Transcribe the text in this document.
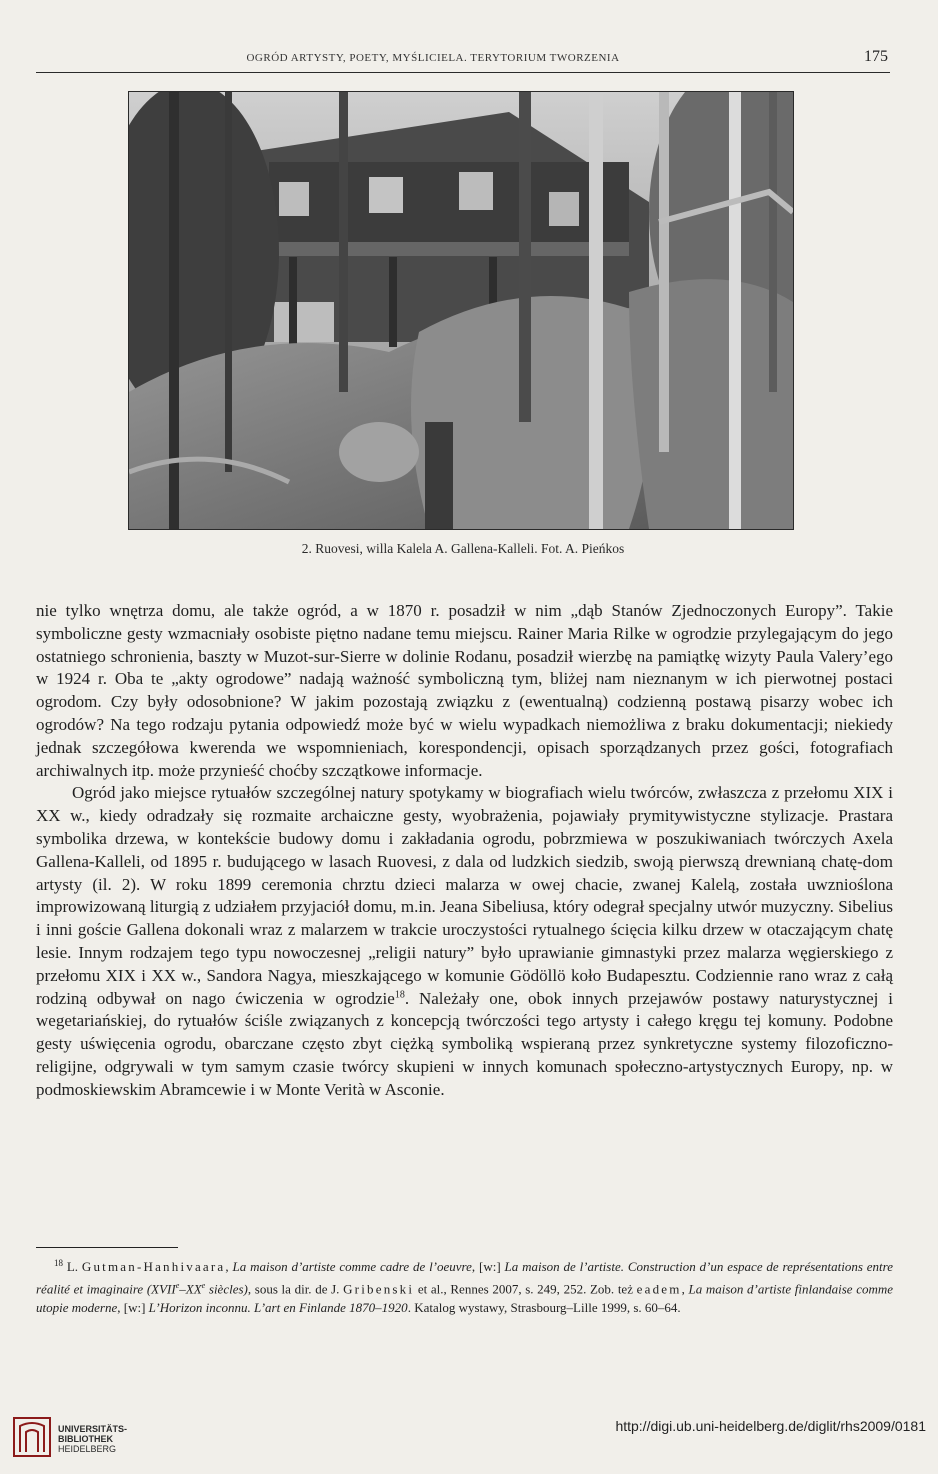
OGRÓD ARTYSTY, POETY, MYŚLICIELA. TERYTORIUM TWORZENIA	175
2. Ruovesi, willa Kalela A. Gallena-Kalleli. Fot. A. Pieńkos

nie tylko wnętrza domu, ale także ogród, a w 1870 r. posadził w nim „dąb Stanów Zjednoczonych Europy”. Takie symboliczne gesty wzmacniały osobiste piętno nadane temu miejscu. Rainer Maria Rilke w ogrodzie przylegającym do jego ostatniego schronienia, baszty w Muzot-sur-Sierre w dolinie Rodanu, posadził wierzbę na pamiątkę wizyty Paula Valery’ego w 1924 r. Oba te „akty ogrodowe” nadają ważność symboliczną tym, bliżej nam nieznanym w ich pierwotnej postaci ogrodom. Czy były odosobnione? W jakim pozostają związku z (ewentualną) codzienną postawą pisarzy wobec ich ogrodów? Na tego rodzaju pytania odpowiedź może być w wielu wypadkach niemożliwa z braku dokumentacji; niekiedy jednak szczegółowa kwerenda we wspomnieniach, korespondencji, opisach sporządzanych przez gości, fotografiach archiwalnych itp. może przynieść choćby szczątkowe informacje.

Ogród jako miejsce rytuałów szczególnej natury spotykamy w biografiach wielu twórców, zwłaszcza z przełomu XIX i XX w., kiedy odradzały się rozmaite archaiczne gesty, wyobrażenia, pojawiały prymitywistyczne stylizacje. Prastara symbolika drzewa, w kontekście budowy domu i zakładania ogrodu, pobrzmiewa w poszukiwaniach twórczych Axela Gallena-Kalleli, od 1895 r. budującego w lasach Ruovesi, z dala od ludzkich siedzib, swoją pierwszą drewnianą chatę-dom artysty (il. 2). W roku 1899 ceremonia chrztu dzieci malarza w owej chacie, zwanej Kalelą, została uwznioślona improwizowaną liturgią z udziałem przyjaciół domu, m.in. Jeana Sibeliusa, który odegrał specjalny utwór muzyczny. Sibelius i inni goście Gallena dokonali wraz z malarzem w trakcie uroczystości rytualnego ścięcia kilku drzew w otaczającym chatę lesie. Innym rodzajem tego typu nowoczesnej „religii natury” było uprawianie gimnastyki przez malarza węgierskiego z przełomu XIX i XX w., Sandora Nagya, mieszkającego w komunie Gödöllö koło Budapesztu. Codziennie rano wraz z całą rodziną odbywał on nago ćwiczenia w ogrodzie$^{18}$. Należały one, obok innych przejawów postawy naturystycznej i wegetariańskiej, do rytuałów ściśle związanych z koncepcją twórczości tego artysty i całego kręgu tej komuny. Podobne gesty uświęcenia ogrodu, obarczane często zbyt ciężką symboliką wspieraną przez synkretyczne systemy filozoficzno-religijne, odgrywali w tym samym czasie twórcy skupieni w innych komunach społeczno-artystycznych Europy, np. w podmoskiewskim Abramcewie i w Monte Verità w Asconie.

$^{18}$ L. Gutman-Hanhivaara, La maison d’artiste comme cadre de l’oeuvre, [w:] La maison de l’artiste. Construction d’un espace de représentations entre réalité et imaginaire (XVIIe–XXe siècles), sous la dir. de J. Gribenski et al., Rennes 2007, s. 249, 252. Zob. też eadem, La maison d’artiste finlandaise comme utopie moderne, [w:] L’Horizon inconnu. L’art en Finlande 1870–1920. Katalog wystawy, Strasbourg–Lille 1999, s. 60–64.
UNIVERSITÄTS-
BIBLIOTHEK
HEIDELBERG
http://digi.ub.uni-heidelberg.de/diglit/rhs2009/0181
